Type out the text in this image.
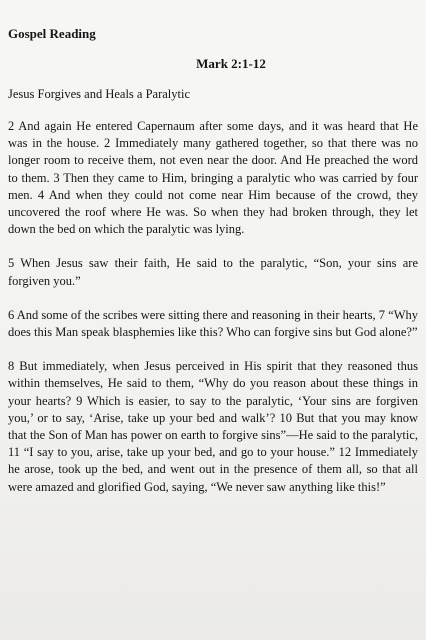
Gospel Reading

Mark 2:1-12

Jesus Forgives and Heals a Paralytic

2 And again He entered Capernaum after some days, and it was heard that He was in the house. 2 Immediately many gathered together, so that there was no longer room to receive them, not even near the door. And He preached the word to them. 3 Then they came to Him, bringing a paralytic who was carried by four men. 4 And when they could not come near Him because of the crowd, they uncovered the roof where He was. So when they had broken through, they let down the bed on which the paralytic was lying.

5 When Jesus saw their faith, He said to the paralytic, “Son, your sins are forgiven you.”

6 And some of the scribes were sitting there and reasoning in their hearts, 7 “Why does this Man speak blasphemies like this? Who can forgive sins but God alone?”

8 But immediately, when Jesus perceived in His spirit that they reasoned thus within themselves, He said to them, “Why do you reason about these things in your hearts? 9 Which is easier, to say to the paralytic, ‘Your sins are forgiven you,’ or to say, ‘Arise, take up your bed and walk’? 10 But that you may know that the Son of Man has power on earth to forgive sins”—He said to the paralytic, 11 “I say to you, arise, take up your bed, and go to your house.” 12 Immediately he arose, took up the bed, and went out in the presence of them all, so that all were amazed and glorified God, saying, “We never saw anything like this!”
